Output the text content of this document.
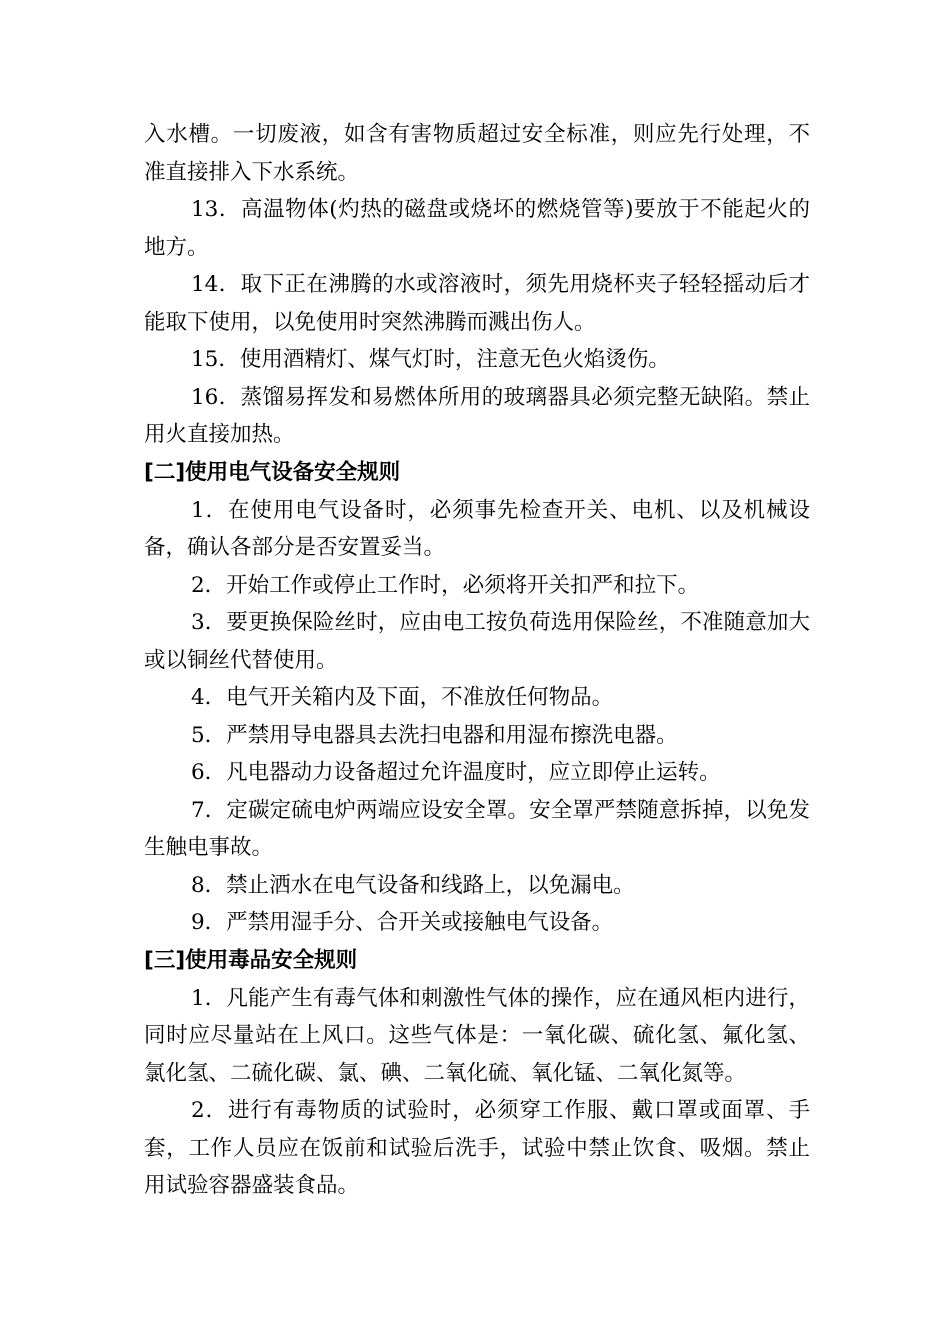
入水槽。一切废液，如含有害物质超过安全标准，则应先行处理，不准直接排入下水系统。

13．高温物体(灼热的磁盘或烧坏的燃烧管等)要放于不能起火的地方。

14．取下正在沸腾的水或溶液时，须先用烧杯夹子轻轻摇动后才能取下使用，以免使用时突然沸腾而溅出伤人。

15．使用酒精灯、煤气灯时，注意无色火焰烫伤。

16．蒸馏易挥发和易燃体所用的玻璃器具必须完整无缺陷。禁止用火直接加热。

[二]使用电气设备安全规则

1．在使用电气设备时，必须事先检查开关、电机、以及机械设备，确认各部分是否安置妥当。

2．开始工作或停止工作时，必须将开关扣严和拉下。

3．要更换保险丝时，应由电工按负荷选用保险丝，不准随意加大或以铜丝代替使用。

4．电气开关箱内及下面，不准放任何物品。

5．严禁用导电器具去洗扫电器和用湿布擦洗电器。

6．凡电器动力设备超过允许温度时，应立即停止运转。

7．定碳定硫电炉两端应设安全罩。安全罩严禁随意拆掉，以免发生触电事故。

8．禁止洒水在电气设备和线路上，以免漏电。

9．严禁用湿手分、合开关或接触电气设备。

[三]使用毒品安全规则

1．凡能产生有毒气体和刺激性气体的操作，应在通风柜内进行，同时应尽量站在上风口。这些气体是：一氧化碳、硫化氢、氟化氢、氯化氢、二硫化碳、氯、碘、二氧化硫、氧化锰、二氧化氮等。

2．进行有毒物质的试验时，必须穿工作服、戴口罩或面罩、手套，工作人员应在饭前和试验后洗手，试验中禁止饮食、吸烟。禁止用试验容器盛装食品。
